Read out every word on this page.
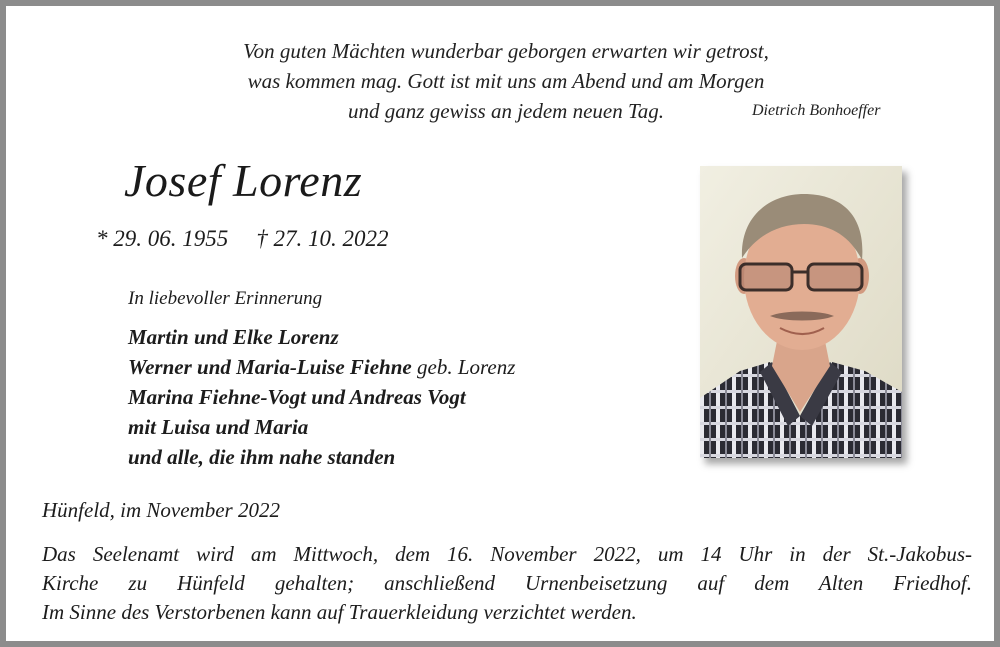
Von guten Mächten wunderbar geborgen erwarten wir getrost,
was kommen mag. Gott ist mit uns am Abend und am Morgen
und ganz gewiss an jedem neuen Tag.	Dietrich Bonhoeffer
Josef Lorenz
* 29. 06. 1955 † 27. 10. 2022
In liebevoller Erinnerung
Martin und Elke Lorenz
Werner und Maria-Luise Fiehne geb. Lorenz
Marina Fiehne-Vogt und Andreas Vogt
mit Luisa und Maria
und alle, die ihm nahe standen
Hünfeld, im November 2022
Das Seelenamt wird am Mittwoch, dem 16. November 2022, um 14 Uhr in der St.-Jakobus-
Kirche zu Hünfeld gehalten; anschließend Urnenbeisetzung auf dem Alten Friedhof.
Im Sinne des Verstorbenen kann auf Trauerkleidung verzichtet werden.
